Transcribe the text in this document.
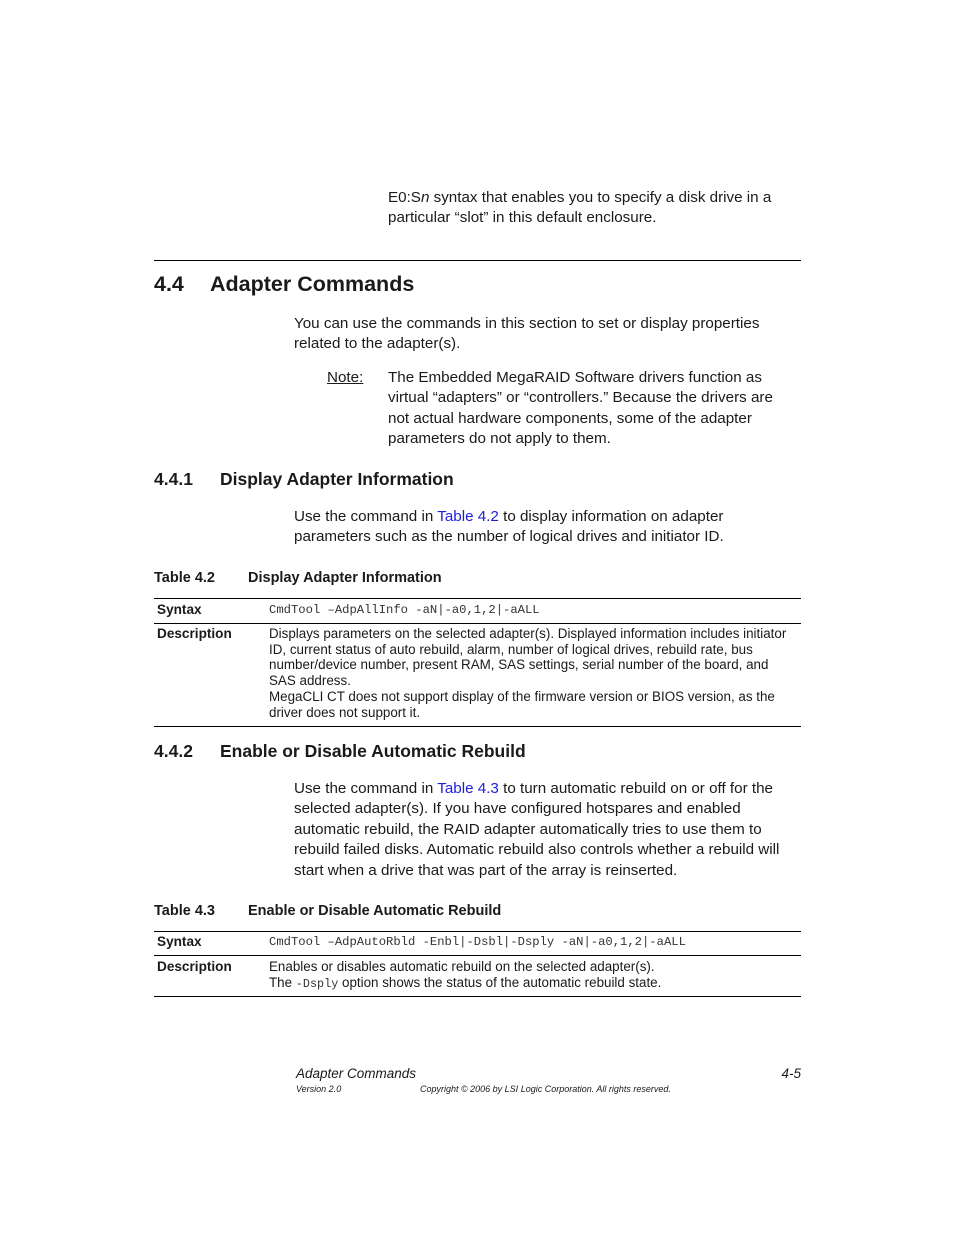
E0:Sn syntax that enables you to specify a disk drive in a particular “slot” in this default enclosure.
4.4 Adapter Commands
You can use the commands in this section to set or display properties related to the adapter(s).
Note: The Embedded MegaRAID Software drivers function as virtual “adapters” or “controllers.” Because the drivers are not actual hardware components, some of the adapter parameters do not apply to them.
4.4.1 Display Adapter Information
Use the command in Table 4.2 to display information on adapter parameters such as the number of logical drives and initiator ID.
Table 4.2 Display Adapter Information
Syntax	CmdTool –AdpAllInfo -aN|-a0,1,2|-aALL
Description	Displays parameters on the selected adapter(s). Displayed information includes initiator ID, current status of auto rebuild, alarm, number of logical drives, rebuild rate, bus number/device number, present RAM, SAS settings, serial number of the board, and SAS address.
MegaCLI CT does not support display of the firmware version or BIOS version, as the driver does not support it.
4.4.2 Enable or Disable Automatic Rebuild
Use the command in Table 4.3 to turn automatic rebuild on or off for the selected adapter(s). If you have configured hotspares and enabled automatic rebuild, the RAID adapter automatically tries to use them to rebuild failed disks. Automatic rebuild also controls whether a rebuild will start when a drive that was part of the array is reinserted.
Table 4.3 Enable or Disable Automatic Rebuild
Syntax	CmdTool –AdpAutoRbld -Enbl|-Dsbl|-Dsply -aN|-a0,1,2|-aALL
Description	Enables or disables automatic rebuild on the selected adapter(s).
The -Dsply option shows the status of the automatic rebuild state.
Adapter Commands	4-5
Version 2.0	Copyright © 2006 by LSI Logic Corporation. All rights reserved.
